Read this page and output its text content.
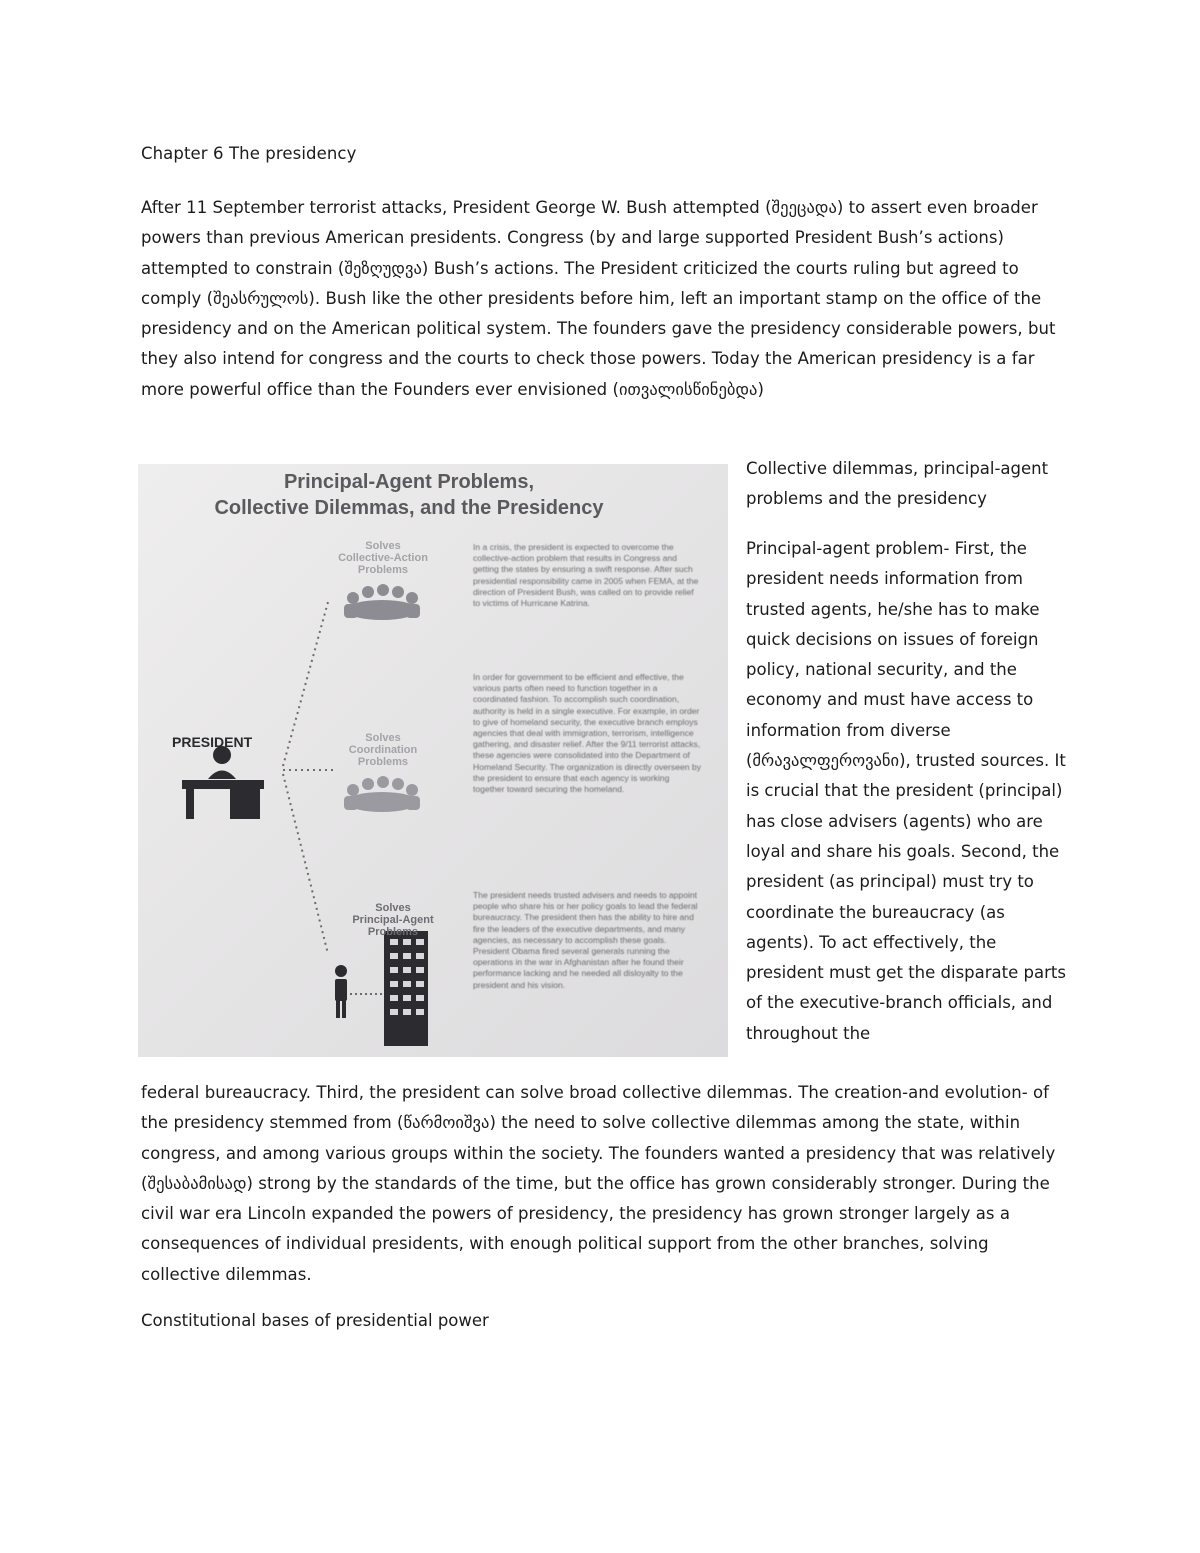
Chapter 6 The presidency

After 11 September terrorist attacks, President George W. Bush attempted (შეეცადა) to assert even broader powers than previous American presidents. Congress (by and large supported President Bush’s actions) attempted to constrain (შეზღუდვა) Bush’s actions. The President criticized the courts ruling but agreed to comply (შეასრულოს). Bush like the other presidents before him, left an important stamp on the office of the presidency and on the American political system. The founders gave the presidency considerable powers, but they also intend for congress and the courts to check those powers. Today the American presidency is a far more powerful office than the Founders ever envisioned (ითვალისწინებდა)

Principal-Agent Problems,
Collective Dilemmas, and the Presidency
PRESIDENT
Solves
Collective-Action
Problems
Solves
Coordination
Problems
Solves
Principal-Agent
Problems
In a crisis, the president is expected to overcome the collective-action problem that results in Congress and getting the states by ensuring a swift response. After such presidential responsibility came in 2005 when FEMA, at the direction of President Bush, was called on to provide relief to victims of Hurricane Katrina.
In order for government to be efficient and effective, the various parts often need to function together in a coordinated fashion. To accomplish such coordination, authority is held in a single executive. For example, in order to give of homeland security, the executive branch employs agencies that deal with immigration, terrorism, intelligence gathering, and disaster relief. After the 9/11 terrorist attacks, these agencies were consolidated into the Department of Homeland Security. The organization is directly overseen by the president to ensure that each agency is working together toward securing the homeland.
The president needs trusted advisers and needs to appoint people who share his or her policy goals to lead the federal bureaucracy. The president then has the ability to hire and fire the leaders of the executive departments, and many agencies, as necessary to accomplish these goals. President Obama fired several generals running the operations in the war in Afghanistan after he found their performance lacking and he needed all disloyalty to the president and his vision.

Collective dilemmas, principal-agent problems and the presidency

Principal-agent problem- First, the president needs information from trusted agents, he/she has to make quick decisions on issues of foreign policy, national security, and the economy and must have access to information from diverse (მრავალფეროვანი), trusted sources. It is crucial that the president (principal) has close advisers (agents) who are loyal and share his goals. Second, the president (as principal) must try to coordinate the bureaucracy (as agents). To act effectively, the president must get the disparate parts of the executive-branch officials, and throughout the

federal bureaucracy. Third, the president can solve broad collective dilemmas. The creation-and evolution- of the presidency stemmed from (წარმოიშვა) the need to solve collective dilemmas among the state, within congress, and among various groups within the society. The founders wanted a presidency that was relatively (შესაბამისად) strong by the standards of the time, but the office has grown considerably stronger. During the civil war era Lincoln expanded the powers of presidency, the presidency has grown stronger largely as a consequences of individual presidents, with enough political support from the other branches, solving collective dilemmas.

Constitutional bases of presidential power
